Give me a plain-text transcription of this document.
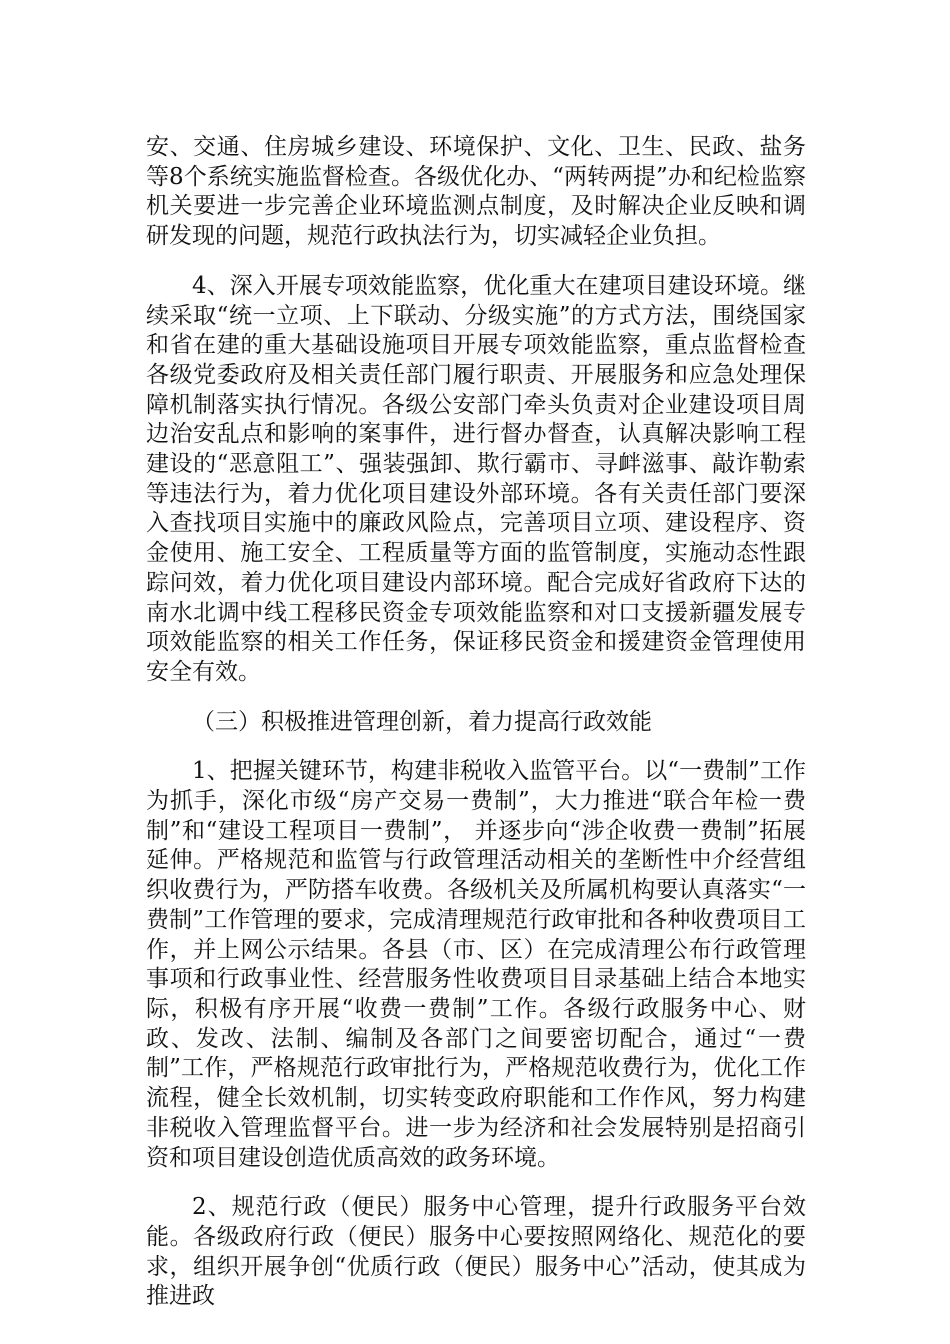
安、交通、住房城乡建设、环境保护、文化、卫生、民政、盐务等8个系统实施监督检查。各级优化办、“两转两提”办和纪检监察机关要进一步完善企业环境监测点制度，及时解决企业反映和调研发现的问题，规范行政执法行为，切实减轻企业负担。

4、深入开展专项效能监察，优化重大在建项目建设环境。继续采取“统一立项、上下联动、分级实施”的方式方法，围绕国家和省在建的重大基础设施项目开展专项效能监察，重点监督检查各级党委政府及相关责任部门履行职责、开展服务和应急处理保障机制落实执行情况。各级公安部门牵头负责对企业建设项目周边治安乱点和影响的案事件，进行督办督查，认真解决影响工程建设的“恶意阻工”、强装强卸、欺行霸市、寻衅滋事、敲诈勒索等违法行为，着力优化项目建设外部环境。各有关责任部门要深入查找项目实施中的廉政风险点，完善项目立项、建设程序、资金使用、施工安全、工程质量等方面的监管制度，实施动态性跟踪问效，着力优化项目建设内部环境。配合完成好省政府下达的南水北调中线工程移民资金专项效能监察和对口支援新疆发展专项效能监察的相关工作任务，保证移民资金和援建资金管理使用安全有效。

（三）积极推进管理创新，着力提高行政效能

1、把握关键环节，构建非税收入监管平台。以“一费制”工作为抓手，深化市级“房产交易一费制”，大力推进“联合年检一费制”和“建设工程项目一费制”， 并逐步向“涉企收费一费制”拓展延伸。严格规范和监管与行政管理活动相关的垄断性中介经营组织收费行为，严防搭车收费。各级机关及所属机构要认真落实“一费制”工作管理的要求，完成清理规范行政审批和各种收费项目工作，并上网公示结果。各县（市、区）在完成清理公布行政管理事项和行政事业性、经营服务性收费项目目录基础上结合本地实际，积极有序开展“收费一费制”工作。各级行政服务中心、财政、发改、法制、编制及各部门之间要密切配合，通过“一费制”工作，严格规范行政审批行为，严格规范收费行为，优化工作流程，健全长效机制，切实转变政府职能和工作作风，努力构建非税收入管理监督平台。进一步为经济和社会发展特别是招商引资和项目建设创造优质高效的政务环境。

2、规范行政（便民）服务中心管理，提升行政服务平台效能。各级政府行政（便民）服务中心要按照网络化、规范化的要求，组织开展争创“优质行政（便民）服务中心”活动，使其成为推进政
